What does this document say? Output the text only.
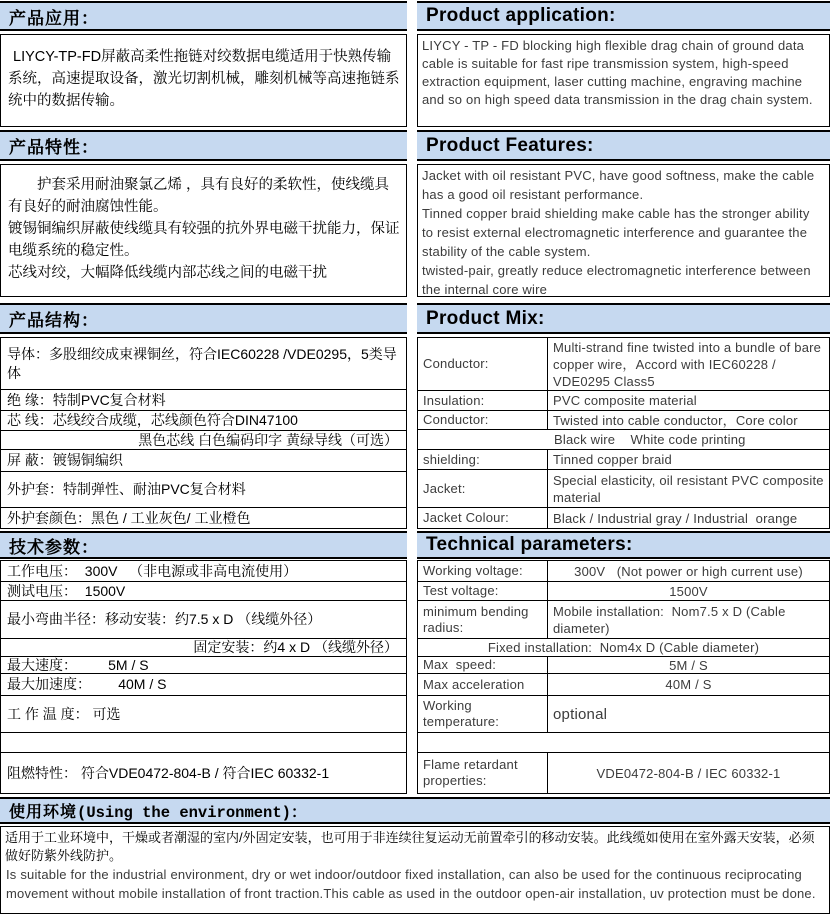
产品应用：	Product application:
LIYCY-TP-FD屏蔽高柔性拖链对绞数据电缆适用于快熟传输系统，高速提取设备，激光切割机械，雕刻机械等高速拖链系统中的数据传输。
LIYCY - TP - FD blocking high flexible drag chain of ground data cable is suitable for fast ripe transmission system, high-speed extraction equipment, laser cutting machine, engraving machine and so on high speed data transmission in the drag chain system.
产品特性：	Product Features:

护套采用耐油聚氯乙烯 ，具有良好的柔软性，使线缆具有良好的耐油腐蚀性能。

镀锡铜编织屏蔽使线缆具有较强的抗外界电磁干扰能力，保证电缆系统的稳定性。

芯线对绞，大幅降低线缆内部芯线之间的电磁干扰

Jacket with oil resistant PVC, have good softness, make the cable has a good oil resistant performance.

Tinned copper braid shielding make cable has the stronger ability to resist external electromagnetic interference and guarantee the stability of the cable system.

twisted-pair, greatly reduce electromagnetic interference between the internal core wire

产品结构：	Product Mix:
导体：多股细绞成束裸铜丝，符合IEC60228 /VDE0295，5类导体
绝 缘：特制PVC复合材料
芯 线：芯线绞合成缆，芯线颜色符合DIN47100
黑色芯线 白色编码印字 黄绿导线（可选）
屏 蔽：镀锡铜编织
外护套：特制弹性、耐油PVC复合材料
外护套颜色：黑色 / 工业灰色/ 工业橙色
Conductor:
Multi-strand fine twisted into a bundle of bare copper wire，Accord with IEC60228 / VDE0295 Class5
Insulation:	PVC composite material
Conductor:	Twisted into cable conductor，Core color
Black wire    White code printing
shielding:	Tinned copper braid
Jacket:
Special elasticity, oil resistant PVC composite material
Jacket Colour:	Black / Industrial gray / Industrial  orange
技术参数：	Technical parameters:
工作电压：  300V   （非电源或非高电流使用）
测试电压：  1500V
最小弯曲半径：移动安装：约7.5 x D （线缆外径）
固定安装：约4 x D （线缆外径）
最大速度：        5M / S
最大加速度：       40M / S
工 作 温 度： 可选
阻燃特性： 符合VDE0472-804-B / 符合IEC 60332-1
Working voltage:	300V   (Not power or high current use)
Test voltage:	1500V
minimum bending radius:
Mobile installation:  Nom7.5 x D (Cable diameter)
Fixed installation:  Nom4x D (Cable diameter)
Max  speed:	5M / S
Max acceleration	40M / S
Working temperature:	optional
Flame retardant properties:	VDE0472-804-B / IEC 60332-1
使用环境 (Using the environment)：
适用于工业环境中，干燥或者潮湿的室内/外固定安装，也可用于非连续往复运动无前置牵引的移动安装。此线缆如使用在室外露天安装，必须做好防紫外线防护。
Is suitable for the industrial environment, dry or wet indoor/outdoor fixed installation, can also be used for the continuous reciprocating movement without mobile installation of front traction.This cable as used in the outdoor open-air installation, uv protection must be done.
